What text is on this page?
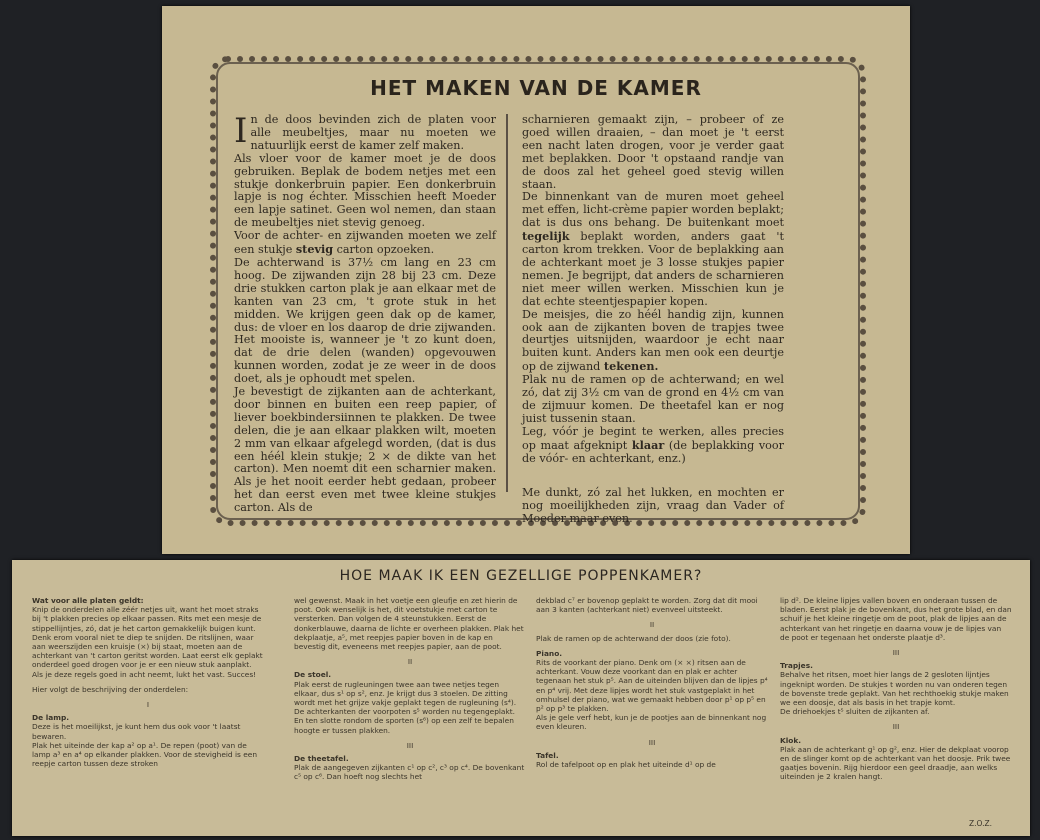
HET MAKEN VAN DE KAMER

In de doos bevinden zich de platen voor alle meubeltjes, maar nu moeten we natuurlijk eerst de kamer zelf maken.

Als vloer voor de kamer moet je de doos gebruiken. Beplak de bodem netjes met een stukje donkerbruin papier. Een donkerbruin lapje is nog échter. Misschien heeft Moeder een lapje satinet. Geen wol nemen, dan staan de meubeltjes niet stevig genoeg.

Voor de achter- en zijwanden moeten we zelf een stukje stevig carton opzoeken.

De achterwand is 37½ cm lang en 23 cm hoog. De zijwanden zijn 28 bij 23 cm. Deze drie stukken carton plak je aan elkaar met de kanten van 23 cm, 't grote stuk in het midden. We krijgen geen dak op de kamer, dus: de vloer en los daarop de drie zijwanden.

Het mooiste is, wanneer je 't zo kunt doen, dat de drie delen (wanden) opgevouwen kunnen worden, zodat je ze weer in de doos doet, als je ophoudt met spelen.

Je bevestigt de zijkanten aan de achterkant, door binnen en buiten een reep papier, of liever boekbindersiinnen te plakken. De twee delen, die je aan elkaar plakken wilt, moeten 2 mm van elkaar afgelegd worden, (dat is dus een héél klein stukje; 2 × de dikte van het carton). Men noemt dit een scharnier maken. Als je het nooit eerder hebt gedaan, probeer het dan eerst even met twee kleine stukjes carton. Als de

scharnieren gemaakt zijn, – probeer of ze goed willen draaien, – dan moet je 't eerst een nacht laten drogen, voor je verder gaat met beplakken. Door 't opstaand randje van de doos zal het geheel goed stevig willen staan.

De binnenkant van de muren moet geheel met effen, licht-crème papier worden beplakt; dat is dus ons behang. De buitenkant moet tegelijk beplakt worden, anders gaat 't carton krom trekken. Voor de beplakking aan de achterkant moet je 3 losse stukjes papier nemen. Je begrijpt, dat anders de scharnieren niet meer willen werken. Misschien kun je dat echte steentjespapier kopen.

De meisjes, die zo héél handig zijn, kunnen ook aan de zijkanten boven de trapjes twee deurtjes uitsnijden, waardoor je echt naar buiten kunt. Anders kan men ook een deurtje op de zijwand tekenen.

Plak nu de ramen op de achterwand; en wel zó, dat zij 3½ cm van de grond en 4½ cm van de zijmuur komen. De theetafel kan er nog juist tussenin staan.

Leg, vóór je begint te werken, alles precies op maat afgeknipt klaar (de beplakking voor de vóór- en achterkant, enz.)

Me dunkt, zó zal het lukken, en mochten er nog moeilijkheden zijn, vraag dan Vader of Moeder maar even.

HOE MAAK IK EEN GEZELLIGE POPPENKAMER?

Wat voor alle platen geldt:

Knip de onderdelen alle zéér netjes uit, want het moet straks bij 't plakken precies op elkaar passen. Rits met een mesje de stippellijntjes, zó, dat je het carton gemakkelijk buigen kunt. Denk erom vooral niet te diep te snijden. De ritslijnen, waar aan weerszijden een kruisje (×) bij staat, moeten aan de achterkant van 't carton geritst worden. Laat eerst elk geplakt onderdeel goed drogen voor je er een nieuw stuk aanplakt.

Als je deze regels goed in acht neemt, lukt het vast. Succes!

Hier volgt de beschrijving der onderdelen:

I

De lamp.

Deze is het moeilijkst, je kunt hem dus ook voor 't laatst bewaren.

Plak het uiteinde der kap a² op a¹. De repen (poot) van de lamp a³ en a⁴ op elkander plakken. Voor de stevigheid is een reepje carton tussen deze stroken

wel gewenst. Maak in het voetje een gleufje en zet hierin de poot. Ook wenselijk is het, dit voetstukje met carton te versterken. Dan volgen de 4 steunstukken. Eerst de donkerblauwe, daarna de lichte er overheen plakken. Plak het dekplaatje, a⁵, met reepjes papier boven in de kap en bevestig dit, eveneens met reepjes papier, aan de poot.

II

De stoel.

Plak eerst de rugleuningen twee aan twee netjes tegen elkaar, dus s¹ op s², enz. Je krijgt dus 3 stoelen. De zitting wordt met het grijze vakje geplakt tegen de rugleuning (s⁴).

De achterkanten der voorpoten s⁵ worden nu tegengeplakt. En ten slotte rondom de sporten (s⁶) op een zelf te bepalen hoogte er tussen plakken.

III

De theetafel.

Plak de aangegeven zijkanten c¹ op c², c³ op c⁴. De bovenkant c⁵ op c⁶. Dan hoeft nog slechts het

dekblad c⁷ er bovenop geplakt te worden. Zorg dat dit mooi aan 3 kanten (achterkant niet) evenveel uitsteekt.

II

Plak de ramen op de achterwand der doos (zie foto).

Piano.

Rits de voorkant der piano. Denk om (× ×) ritsen aan de achterkant. Vouw deze voorkant dan en plak er achter tegenaan het stuk p⁵. Aan de uiteinden blijven dan de lipjes p⁴ en p⁴ vrij. Met deze lipjes wordt het stuk vastgeplakt in het omhulsel der piano, wat we gemaakt hebben door p¹ op p⁵ en p² op p³ te plakken.

Als je gele verf hebt, kun je de pootjes aan de binnenkant nog even kleuren.

III

Tafel.

Rol de tafelpoot op en plak het uiteinde d¹ op de

lip d². De kleine lipjes vallen boven en onderaan tussen de bladen. Eerst plak je de bovenkant, dus het grote blad, en dan schuif je het kleine ringetje om de poot, plak de lipjes aan de achterkant van het ringetje en daarna vouw je de lipjes van de poot er tegenaan het onderste plaatje d³.

III

Trapjes.

Behalve het ritsen, moet hier langs de 2 gesloten lijntjes ingeknipt worden. De stukjes t worden nu van onderen tegen de bovenste trede geplakt. Van het rechthoekig stukje maken we een doosje, dat als basis in het trapje komt.

De driehoekjes t⁵ sluiten de zijkanten af.

III

Klok.

Plak aan de achterkant g¹ op g², enz. Hier de dekplaat voorop en de slinger komt op de achterkant van het doosje. Prik twee gaatjes bovenin. Rijg hierdoor een geel draadje, aan welks uiteinden je 2 kralen hangt.

Z.O.Z.
